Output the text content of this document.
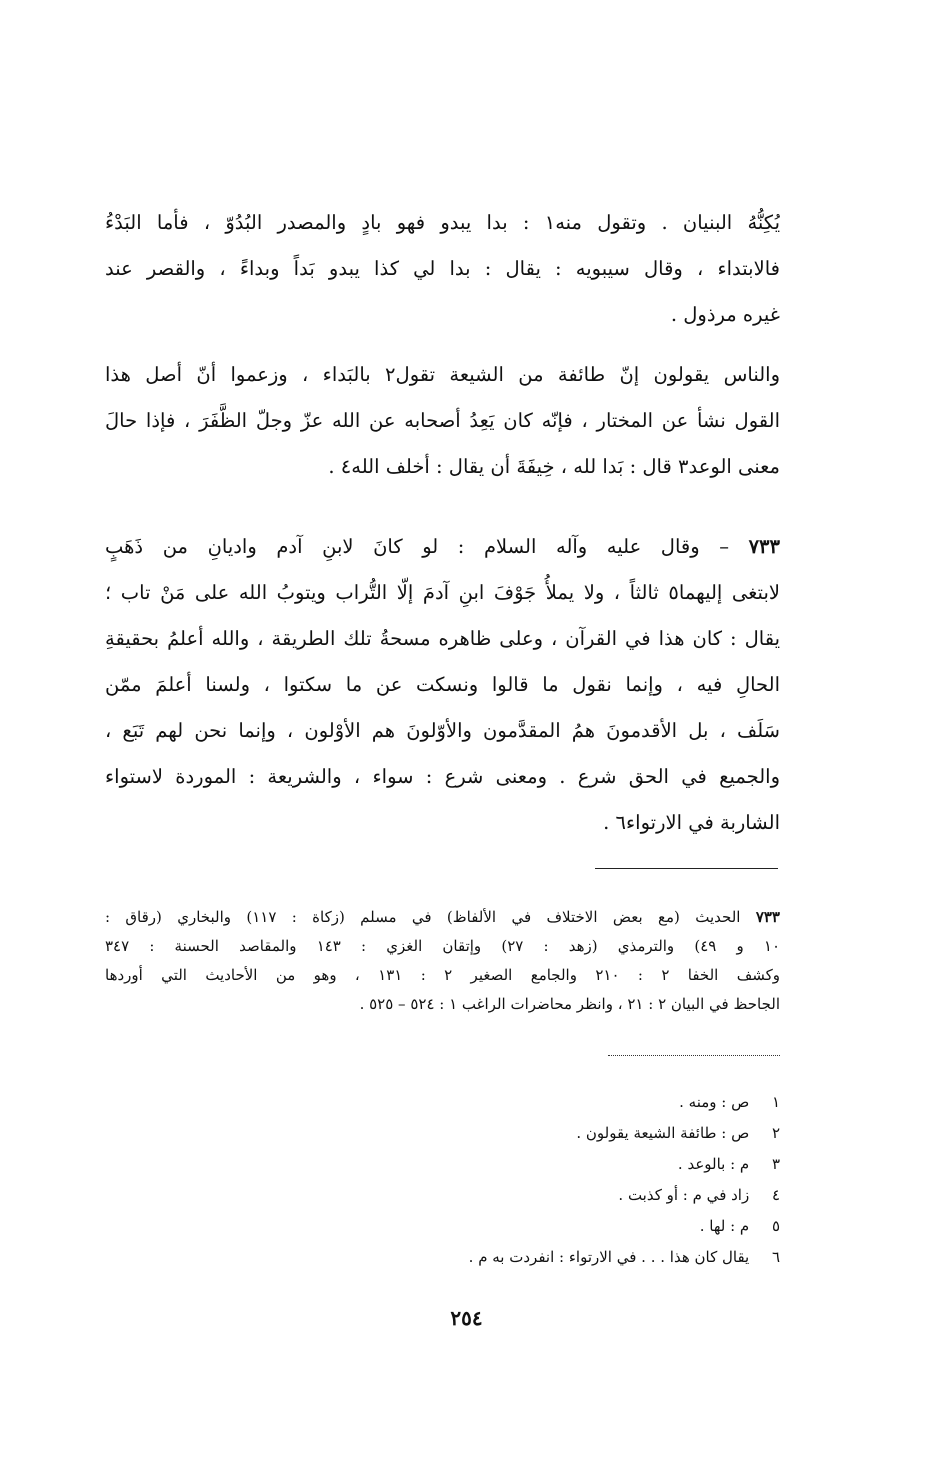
يُكِنُّهُ البنيان . وتقول منه١ : بدا يبدو فهو بادٍ والمصدر البُدُوّ ، فأما البَدْءُ
فالابتداء ، وقال سيبويه : يقال : بدا لي كذا يبدو بَداً وبداءً ، والقصر عند
غيره مرذول .
والناس يقولون إنّ طائفة من الشيعة تقول٢ بالبَداء ، وزعموا أنّ أصل هذا
القول نشأ عن المختار ، فإنّه كان يَعِدُ أصحابه عن الله عزّ وجلّ الظَّفَرَ ، فإذا حالَ
معنى الوعد٣ قال : بَدا لله ، خِيفَةَ أن يقال : أخلف الله٤ .
٧٣٣ – وقال عليه وآله السلام : لو كانَ لابنِ آدم واديانِ من ذَهَبٍ
لابتغى إليهما٥ ثالثاً ، ولا يملأُ جَوْفَ ابنِ آدمَ إلّا التُّراب ويتوبُ الله على مَنْ تاب ؛
يقال : كان هذا في القرآن ، وعلى ظاهره مسحةُ تلك الطريقة ، والله أعلمُ بحقيقةِ
الحالِ فيه ، وإنما نقول ما قالوا ونسكت عن ما سكتوا ، ولسنا أعلمَ ممّن
سَلَف ، بل الأقدمونَ همُ المقدَّمون والأوّلونَ هم الأوْلون ، وإنما نحن لهم تَبَع ،
والجميع في الحق شرع . ومعنى شرع : سواء ، والشريعة : الموردة لاستواء
الشاربة في الارتواء٦ .
٧٣٣ الحديث (مع بعض الاختلاف في الألفاظ) في مسلم (زكاة : ١١٧) والبخاري (رقاق :
١٠ و ٤٩) والترمذي (زهد : ٢٧) وإتقان الغزي : ١٤٣ والمقاصد الحسنة : ٣٤٧
وكشف الخفا ٢ : ٢١٠ والجامع الصغير ٢ : ١٣١ ، وهو من الأحاديث التي أوردها
الجاحظ في البيان ٢ : ٢١ ، وانظر محاضرات الراغب ١ : ٥٢٤ – ٥٢٥ .
١ ص : ومنه .
٢ ص : طائفة الشيعة يقولون .
٣ م : بالوعد .
٤ زاد في م : أو كذبت .
٥ م : لها .
٦ يقال كان هذا . . . في الارتواء : انفردت به م .
٢٥٤
